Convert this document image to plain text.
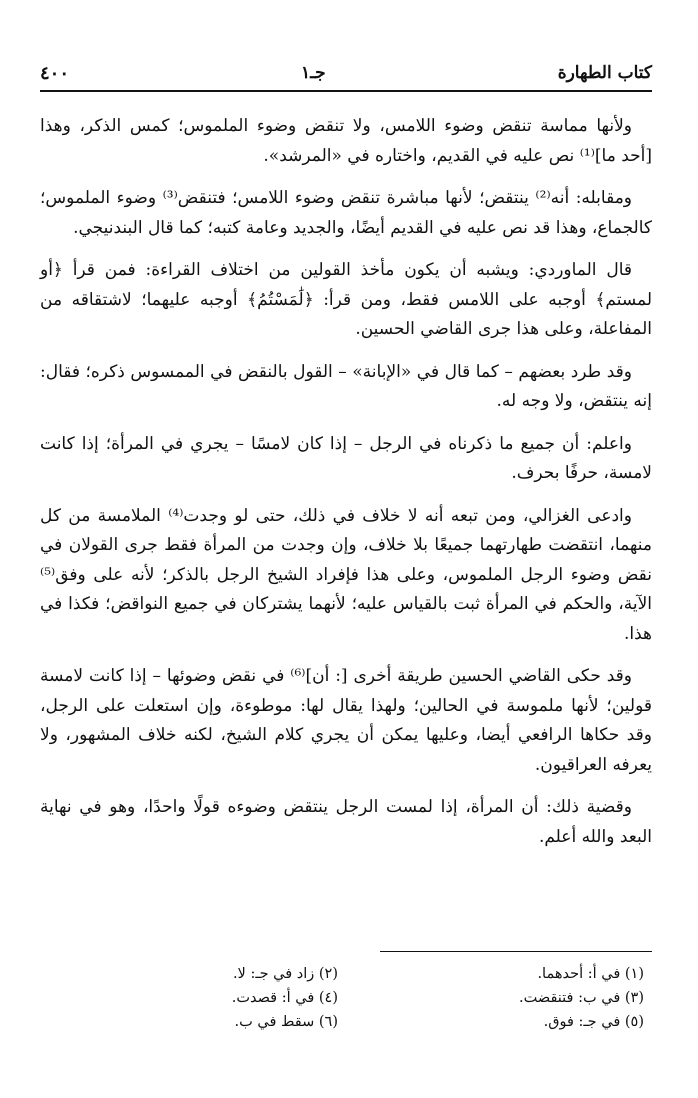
كتاب الطهارة
جـ١
٤٠٠

ولأنها مماسة تنقض وضوء اللامس، ولا تنقض وضوء الملموس؛ كمس الذكر، وهذا [أحد ما]⁽¹⁾ نص عليه في القديم، واختاره في «المرشد».

ومقابله: أنه⁽²⁾ ينتقض؛ لأنها مباشرة تنقض وضوء اللامس؛ فتنقض⁽³⁾ وضوء الملموس؛ كالجماع، وهذا قد نص عليه في القديم أيضًا، والجديد وعامة كتبه؛ كما قال البندنيجي.

قال الماوردي: ويشبه أن يكون مأخذ القولين من اختلاف القراءة: فمن قرأ ﴿أو لمستم﴾ أوجبه على اللامس فقط، ومن قرأ: ﴿لَٰمَسْتُمُ﴾ أوجبه عليهما؛ لاشتقاقه من المفاعلة، وعلى هذا جرى القاضي الحسين.

وقد طرد بعضهم – كما قال في «الإبانة» – القول بالنقض في الممسوس ذكره؛ فقال: إنه ينتقض، ولا وجه له.

واعلم: أن جميع ما ذكرناه في الرجل – إذا كان لامسًا – يجري في المرأة؛ إذا كانت لامسة، حرفًا بحرف.

وادعى الغزالي، ومن تبعه أنه لا خلاف في ذلك، حتى لو وجدت⁽⁴⁾ الملامسة من كل منهما، انتقضت طهارتهما جميعًا بلا خلاف، وإن وجدت من المرأة فقط جرى القولان في نقض وضوء الرجل الملموس، وعلى هذا فإفراد الشيخ الرجل بالذكر؛ لأنه على وفق⁽⁵⁾ الآية، والحكم في المرأة ثبت بالقياس عليه؛ لأنهما يشتركان في جميع النواقض؛ فكذا في هذا.

وقد حكى القاضي الحسين طريقة أخرى [: أن]⁽⁶⁾ في نقض وضوئها – إذا كانت لامسة قولين؛ لأنها ملموسة في الحالين؛ ولهذا يقال لها: موطوءة، وإن استعلت على الرجل، وقد حكاها الرافعي أيضا، وعليها يمكن أن يجري كلام الشيخ، لكنه خلاف المشهور، ولا يعرفه العراقيون.

وقضية ذلك: أن المرأة، إذا لمست الرجل ينتقض وضوءه قولًا واحدًا، وهو في نهاية البعد والله أعلم.

(١) في أ: أحدهما.
(٢) زاد في جـ: لا.
(٣) في ب: فتنقضت.
(٤) في أ: قصدت.
(٥) في جـ: فوق.
(٦) سقط في ب.
